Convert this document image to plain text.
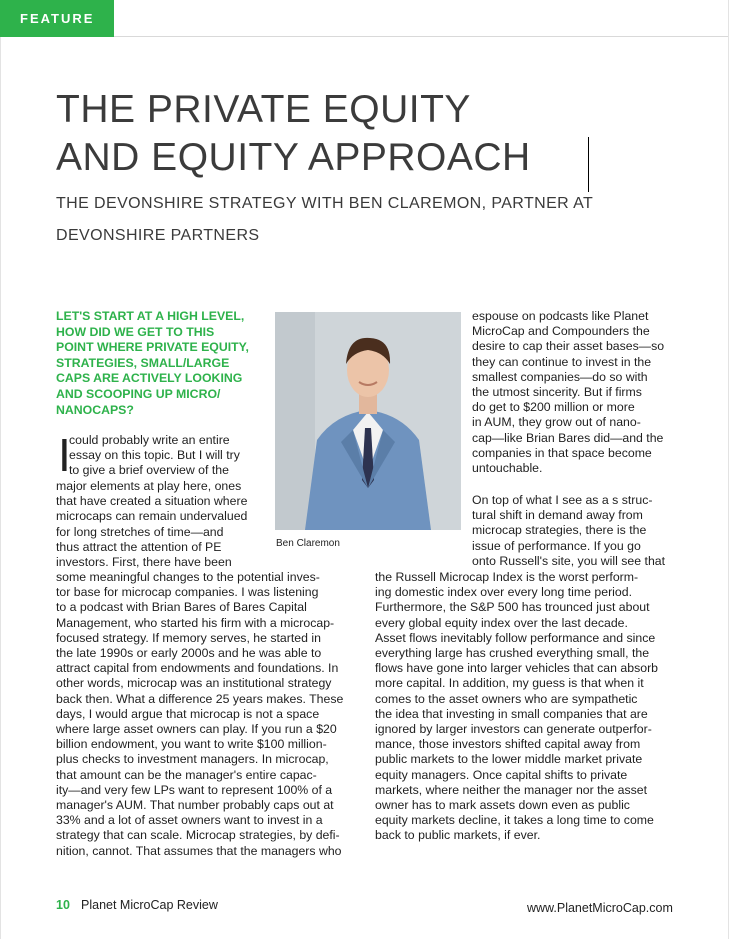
FEATURE
THE PRIVATE EQUITY
AND EQUITY APPROACH
THE DEVONSHIRE STRATEGY WITH BEN CLAREMON, PARTNER AT
DEVONSHIRE PARTNERS
LET'S START AT A HIGH LEVEL,
HOW DID WE GET TO THIS
POINT WHERE PRIVATE EQUITY,
STRATEGIES, SMALL/LARGE
CAPS ARE ACTIVELY LOOKING
AND SCOOPING UP MICRO/
NANOCAPS?
I
could probably write an entire
essay on this topic. But I will try
to give a brief overview of the
major elements at play here, ones
that have created a situation where
microcaps can remain undervalued
for long stretches of time—and
thus attract the attention of PE
investors. First, there have been
some meaningful changes to the potential inves-
tor base for microcap companies. I was listening
to a podcast with Brian Bares of Bares Capital
Management, who started his firm with a microcap-
focused strategy. If memory serves, he started in
the late 1990s or early 2000s and he was able to
attract capital from endowments and foundations. In
other words, microcap was an institutional strategy
back then. What a difference 25 years makes. These
days, I would argue that microcap is not a space
where large asset owners can play. If you run a $20
billion endowment, you want to write $100 million-
plus checks to investment managers. In microcap,
that amount can be the manager's entire capac-
ity—and very few LPs want to represent 100% of a
manager's AUM. That number probably caps out at
33% and a lot of asset owners want to invest in a
strategy that can scale. Microcap strategies, by defi-
nition, cannot. That assumes that the managers who
Ben Claremon
espouse on podcasts like Planet
MicroCap and Compounders the
desire to cap their asset bases—so
they can continue to invest in the
smallest companies—do so with
the utmost sincerity. But if firms
do get to $200 million or more
in AUM, they grow out of nano-
cap—like Brian Bares did—and the
companies in that space become
untouchable.
On top of what I see as a s struc-
tural shift in demand away from
microcap strategies, there is the
issue of performance. If you go
onto Russell's site, you will see that
the Russell Microcap Index is the worst perform-
ing domestic index over every long time period.
Furthermore, the S&P 500 has trounced just about
every global equity index over the last decade.
Asset flows inevitably follow performance and since
everything large has crushed everything small, the
flows have gone into larger vehicles that can absorb
more capital. In addition, my guess is that when it
comes to the asset owners who are sympathetic
the idea that investing in small companies that are
ignored by larger investors can generate outperfor-
mance, those investors shifted capital away from
public markets to the lower middle market private
equity managers. Once capital shifts to private
markets, where neither the manager nor the asset
owner has to mark assets down even as public
equity markets decline, it takes a long time to come
back to public markets, if ever.
10 Planet MicroCap Review	www.PlanetMicroCap.com
